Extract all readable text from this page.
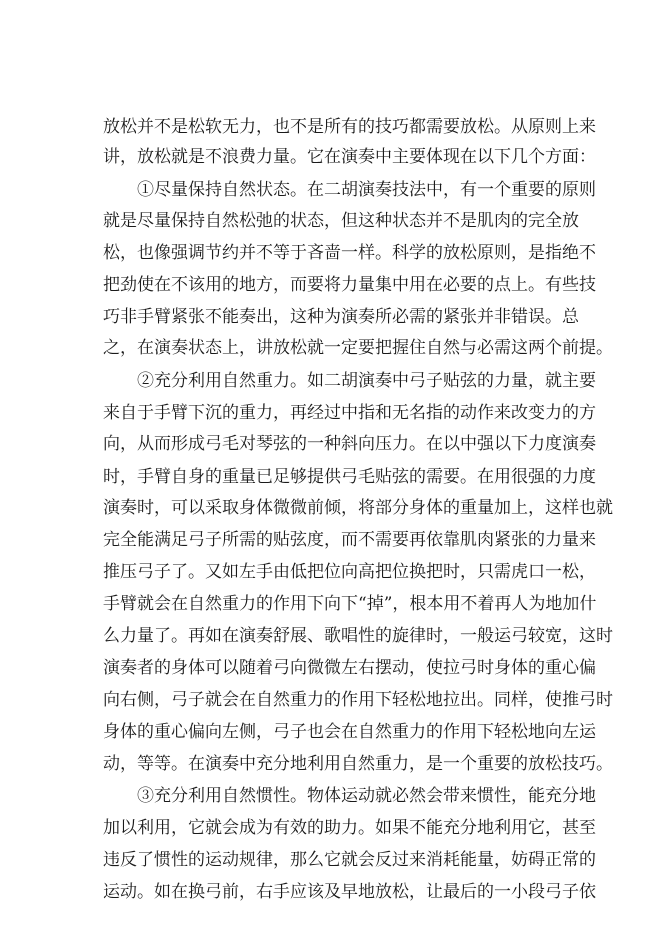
放松并不是松软无力，也不是所有的技巧都需要放松。从原则上来
讲，放松就是不浪费力量。它在演奏中主要体现在以下几个方面：
①尽量保持自然状态。在二胡演奏技法中，有一个重要的原则
就是尽量保持自然松弛的状态，但这种状态并不是肌肉的完全放
松，也像强调节约并不等于吝啬一样。科学的放松原则，是指绝不
把劲使在不该用的地方，而要将力量集中用在必要的点上。有些技
巧非手臂紧张不能奏出，这种为演奏所必需的紧张并非错误。总
之，在演奏状态上，讲放松就一定要把握住自然与必需这两个前提。
②充分利用自然重力。如二胡演奏中弓子贴弦的力量，就主要
来自于手臂下沉的重力，再经过中指和无名指的动作来改变力的方
向，从而形成弓毛对琴弦的一种斜向压力。在以中强以下力度演奏
时，手臂自身的重量已足够提供弓毛贴弦的需要。在用很强的力度
演奏时，可以采取身体微微前倾，将部分身体的重量加上，这样也就
完全能满足弓子所需的贴弦度，而不需要再依靠肌肉紧张的力量来
推压弓子了。又如左手由低把位向高把位换把时，只需虎口一松，
手臂就会在自然重力的作用下向下“掉”，根本用不着再人为地加什
么力量了。再如在演奏舒展、歌唱性的旋律时，一般运弓较宽，这时
演奏者的身体可以随着弓向微微左右摆动，使拉弓时身体的重心偏
向右侧，弓子就会在自然重力的作用下轻松地拉出。同样，使推弓时
身体的重心偏向左侧，弓子也会在自然重力的作用下轻松地向左运
动，等等。在演奏中充分地利用自然重力，是一个重要的放松技巧。
③充分利用自然惯性。物体运动就必然会带来惯性，能充分地
加以利用，它就会成为有效的助力。如果不能充分地利用它，甚至
违反了惯性的运动规律，那么它就会反过来消耗能量，妨碍正常的
运动。如在换弓前，右手应该及早地放松，让最后的一小段弓子依
